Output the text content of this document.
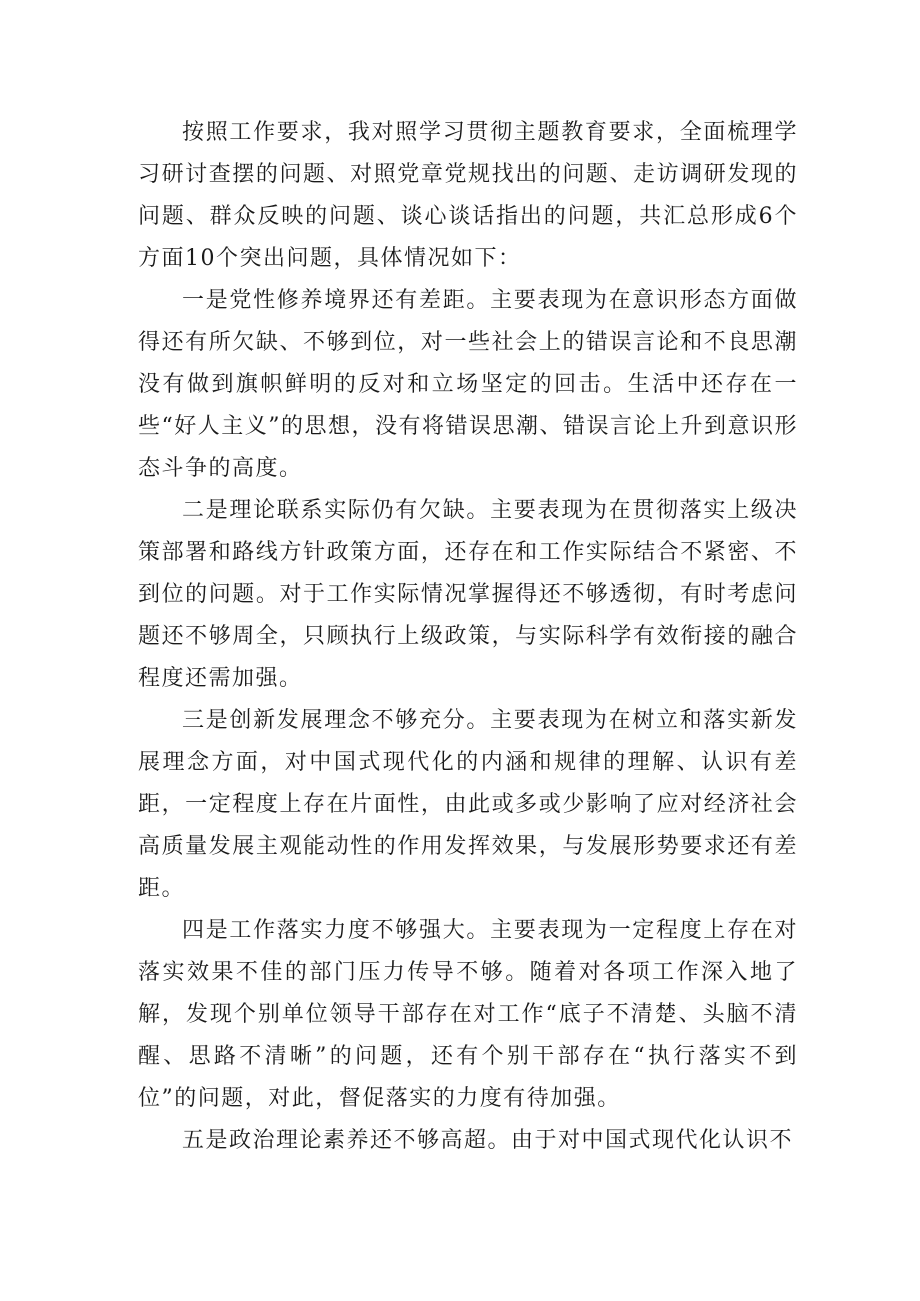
按照工作要求，我对照学习贯彻主题教育要求，全面梳理学习研讨查摆的问题、对照党章党规找出的问题、走访调研发现的问题、群众反映的问题、谈心谈话指出的问题，共汇总形成6个方面10个突出问题，具体情况如下：

一是党性修养境界还有差距。主要表现为在意识形态方面做得还有所欠缺、不够到位，对一些社会上的错误言论和不良思潮没有做到旗帜鲜明的反对和立场坚定的回击。生活中还存在一些“好人主义”的思想，没有将错误思潮、错误言论上升到意识形态斗争的高度。

二是理论联系实际仍有欠缺。主要表现为在贯彻落实上级决策部署和路线方针政策方面，还存在和工作实际结合不紧密、不到位的问题。对于工作实际情况掌握得还不够透彻，有时考虑问题还不够周全，只顾执行上级政策，与实际科学有效衔接的融合程度还需加强。

三是创新发展理念不够充分。主要表现为在树立和落实新发展理念方面，对中国式现代化的内涵和规律的理解、认识有差距，一定程度上存在片面性，由此或多或少影响了应对经济社会高质量发展主观能动性的作用发挥效果，与发展形势要求还有差距。

四是工作落实力度不够强大。主要表现为一定程度上存在对落实效果不佳的部门压力传导不够。随着对各项工作深入地了解，发现个别单位领导干部存在对工作“底子不清楚、头脑不清醒、思路不清晰”的问题，还有个别干部存在“执行落实不到位”的问题，对此，督促落实的力度有待加强。

五是政治理论素养还不够高超。由于对中国式现代化认识不
